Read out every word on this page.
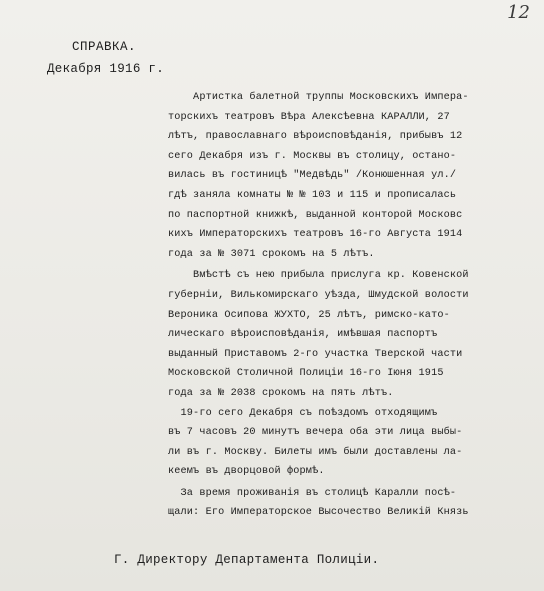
12
СПРАВКА.
Декабря 1916 г.
Артистка балетной труппы Московскихъ Импера-
торскихъ театровъ Вѣра Алексѣевна КАРАЛЛИ, 27
лѣтъ, православнаго вѣроисповѣданія, прибывъ 12
сего Декабря изъ г. Москвы въ столицу, остано-
вилась въ гостиницѣ "Медвѣдь" /Конюшенная ул./
гдѣ заняла комнаты № № 103 и 115 и прописалась
по паспортной книжкѣ, выданной конторой Московс
кихъ Императорскихъ театровъ 16-го Августа 1914
года за № 3071 срокомъ на 5 лѣтъ.
Вмѣстѣ съ нею прибыла прислуга кр. Ковенской
губерніи, Вилькомирскаго уѣзда, Шмудской волости
Вероника Осипова ЖУХТО, 25 лѣтъ, римско-като-
лическаго вѣроисповѣданія, имѣвшая паспортъ
выданный Приставомъ 2-го участка Тверской части
Московской Столичной Полиціи 16-го Іюня 1915
года за № 2038 срокомъ на пять лѣтъ.
19-го сего Декабря съ поѣздомъ отходящимъ
въ 7 часовъ 20 минутъ вечера оба эти лица выбы-
ли въ г. Москву. Билеты имъ были доставлены ла-
кеемъ въ дворцовой формѣ.
За время проживанія въ столицѣ Каралли посѣ-
щали: Его Императорское Высочество Великій Князь
Г. Директору Департамента Полиціи.
